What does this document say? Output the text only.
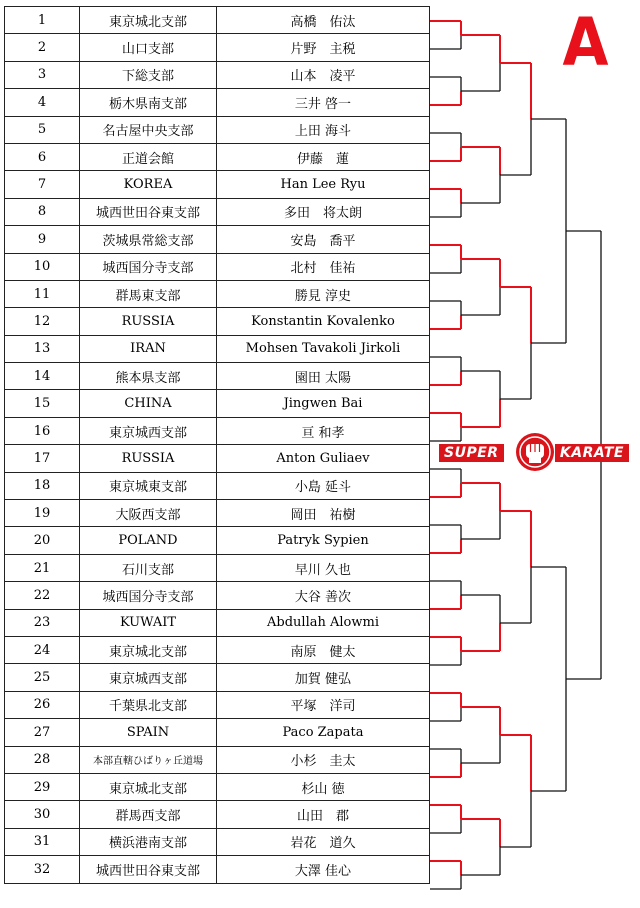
1	東京城北支部	高橋　佑汰
2	山口支部	片野　主税
3	下総支部	山本　凌平
4	栃木県南支部	三井 啓一
5	名古屋中央支部	上田 海斗
6	正道会館	伊藤　蓮
7	KOREA	Han Lee Ryu
8	城西世田谷東支部	多田　将太朗
9	茨城県常総支部	安島　喬平
10	城西国分寺支部	北村　佳祐
11	群馬東支部	勝見 淳史
12	RUSSIA	Konstantin Kovalenko
13	IRAN	Mohsen Tavakoli Jirkoli
14	熊本県支部	園田 太陽
15	CHINA	Jingwen Bai
16	東京城西支部	亘 和孝
17	RUSSIA	Anton Guliaev
18	東京城東支部	小島 延斗
19	大阪西支部	岡田　祐樹
20	POLAND	Patryk Sypien
21	石川支部	早川 久也
22	城西国分寺支部	大谷 善次
23	KUWAIT	Abdullah Alowmi
24	東京城北支部	南原　健太
25	東京城西支部	加賀 健弘
26	千葉県北支部	平塚　洋司
27	SPAIN	Paco Zapata
28	本部直轄ひばりヶ丘道場	小杉　圭太
29	東京城北支部	杉山 徳
30	群馬西支部	山田　郡
31	横浜港南支部	岩花　道久
32	城西世田谷東支部	大澤 佳心
A
SUPER	KARATE
